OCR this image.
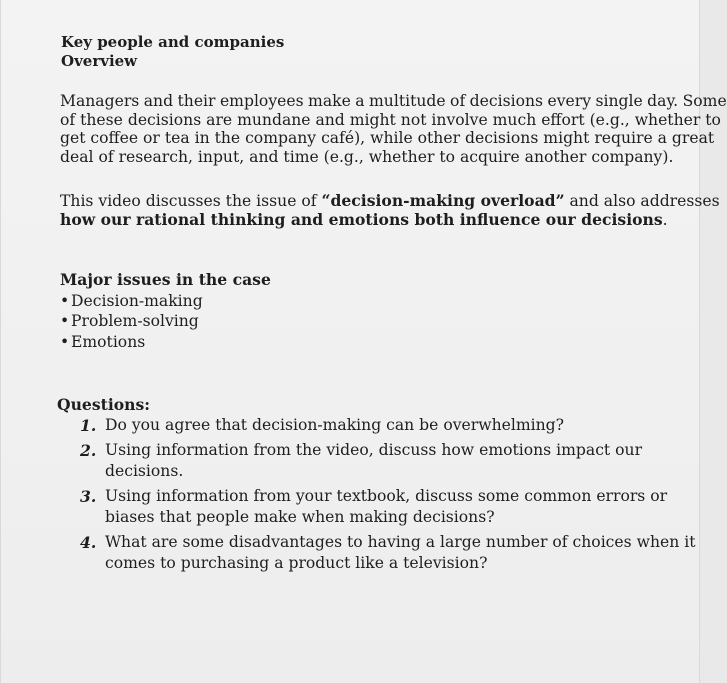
Key people and companies
Overview

Managers and their employees make a multitude of decisions every single day. Some
of these decisions are mundane and might not involve much effort (e.g., whether to
get coffee or tea in the company café), while other decisions might require a great
deal of research, input, and time (e.g., whether to acquire another company).

This video discusses the issue of “decision-making overload” and also addresses
how our rational thinking and emotions both influence our decisions.

Major issues in the case
• Decision-making
• Problem-solving
• Emotions
Questions:
1. Do you agree that decision-making can be overwhelming?
2. Using information from the video, discuss how emotions impact our
decisions.
3. Using information from your textbook, discuss some common errors or
biases that people make when making decisions?
4. What are some disadvantages to having a large number of choices when it
comes to purchasing a product like a television?
